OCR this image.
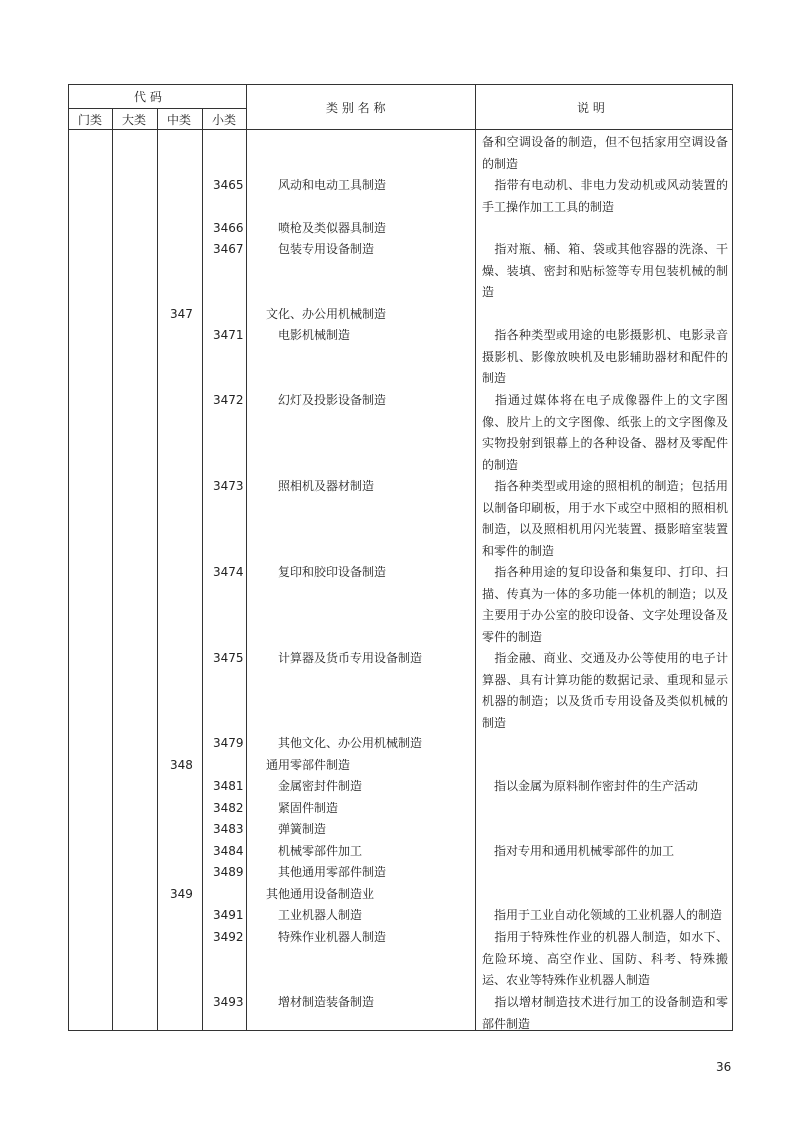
代 码
门类 大类 中类 小类
类 别 名 称	说 明
备和空调设备的制造，但不包括家用空调设备的制造
3465	风动和电动工具制造	　指带有电动机、非电力发动机或风动装置的手工操作加工工具的制造
3466	喷枪及类似器具制造
3467	包装专用设备制造	　指对瓶、桶、箱、袋或其他容器的洗涤、干燥、装填、密封和贴标签等专用包装机械的制造
347	文化、办公用机械制造
3471	电影机械制造	　指各种类型或用途的电影摄影机、电影录音摄影机、影像放映机及电影辅助器材和配件的制造
3472	幻灯及投影设备制造	　指通过媒体将在电子成像器件上的文字图像、胶片上的文字图像、纸张上的文字图像及实物投射到银幕上的各种设备、器材及零配件的制造
3473	照相机及器材制造	　指各种类型或用途的照相机的制造；包括用以制备印刷板，用于水下或空中照相的照相机制造，以及照相机用闪光装置、摄影暗室装置和零件的制造
3474	复印和胶印设备制造	　指各种用途的复印设备和集复印、打印、扫描、传真为一体的多功能一体机的制造；以及主要用于办公室的胶印设备、文字处理设备及零件的制造
3475	计算器及货币专用设备制造	　指金融、商业、交通及办公等使用的电子计算器、具有计算功能的数据记录、重现和显示机器的制造；以及货币专用设备及类似机械的制造
3479	其他文化、办公用机械制造
348	通用零部件制造
3481	金属密封件制造	　指以金属为原料制作密封件的生产活动
3482	紧固件制造
3483	弹簧制造
3484	机械零部件加工	　指对专用和通用机械零部件的加工
3489	其他通用零部件制造
349	其他通用设备制造业
3491	工业机器人制造	　指用于工业自动化领域的工业机器人的制造
3492	特殊作业机器人制造	　指用于特殊性作业的机器人制造，如水下、危险环境、高空作业、国防、科考、特殊搬运、农业等特殊作业机器人制造
3493	增材制造装备制造	　指以增材制造技术进行加工的设备制造和零部件制造
36
